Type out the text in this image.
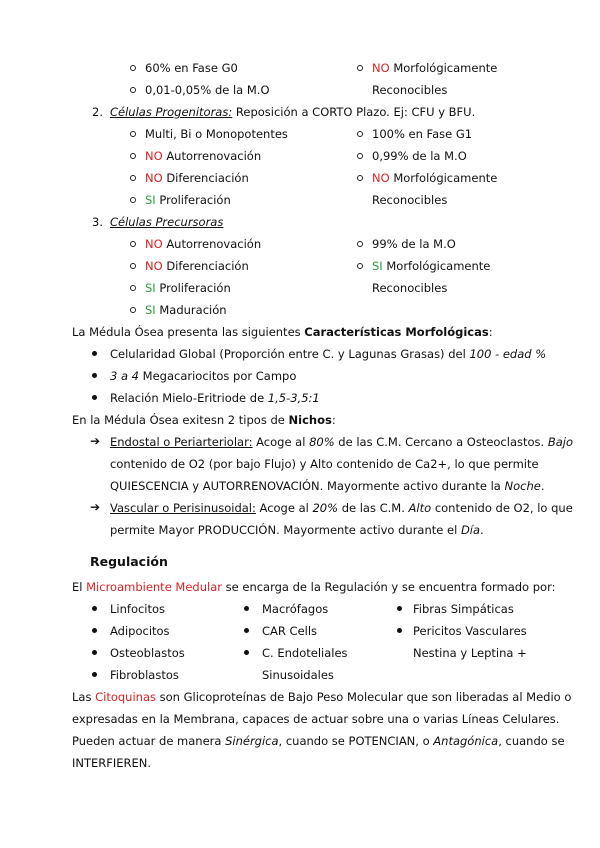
60% en Fase G0
0,01-0,05% de la M.O
NO Morfológicamente
Reconocibles
2. Células Progenitoras: Reposición a CORTO Plazo. Ej: CFU y BFU.
Multi, Bi o Monopotentes
NO Autorrenovación
NO Diferenciación
SI Proliferación
100% en Fase G1
0,99% de la M.O
NO Morfológicamente
Reconocibles
3. Células Precursoras
NO Autorrenovación
NO Diferenciación
SI Proliferación
SI Maduración
99% de la M.O
SI Morfológicamente
Reconocibles
La Médula Ósea presenta las siguientes Características Morfológicas:
Celularidad Global (Proporción entre C. y Lagunas Grasas) del 100 - edad %
3 a 4 Megacariocitos por Campo
Relación Mielo-Eritriode de 1,5-3,5:1
En la Médula Ósea exitesn 2 tipos de Nichos:
➔ Endostal o Periarteriolar: Acoge al 80% de las C.M. Cercano a Osteoclastos. Bajo
contenido de O2 (por bajo Flujo) y Alto contenido de Ca2+, lo que permite
QUIESCENCIA y AUTORRENOVACIÓN. Mayormente activo durante la Noche.
➔ Vascular o Perisinusoidal: Acoge al 20% de las C.M. Alto contenido de O2, lo que
permite Mayor PRODUCCIÓN. Mayormente activo durante el Día.
Regulación
El Microambiente Medular se encarga de la Regulación y se encuentra formado por:
Linfocitos
Adipocitos
Osteoblastos
Fibroblastos
Macrófagos
CAR Cells
C. Endoteliales
Sinusoidales
Fibras Simpáticas
Pericitos Vasculares
Nestina y Leptina +
Las Citoquinas son Glicoproteínas de Bajo Peso Molecular que son liberadas al Medio o
expresadas en la Membrana, capaces de actuar sobre una o varias Líneas Celulares.
Pueden actuar de manera Sinérgica, cuando se POTENCIAN, o Antagónica, cuando se
INTERFIEREN.
